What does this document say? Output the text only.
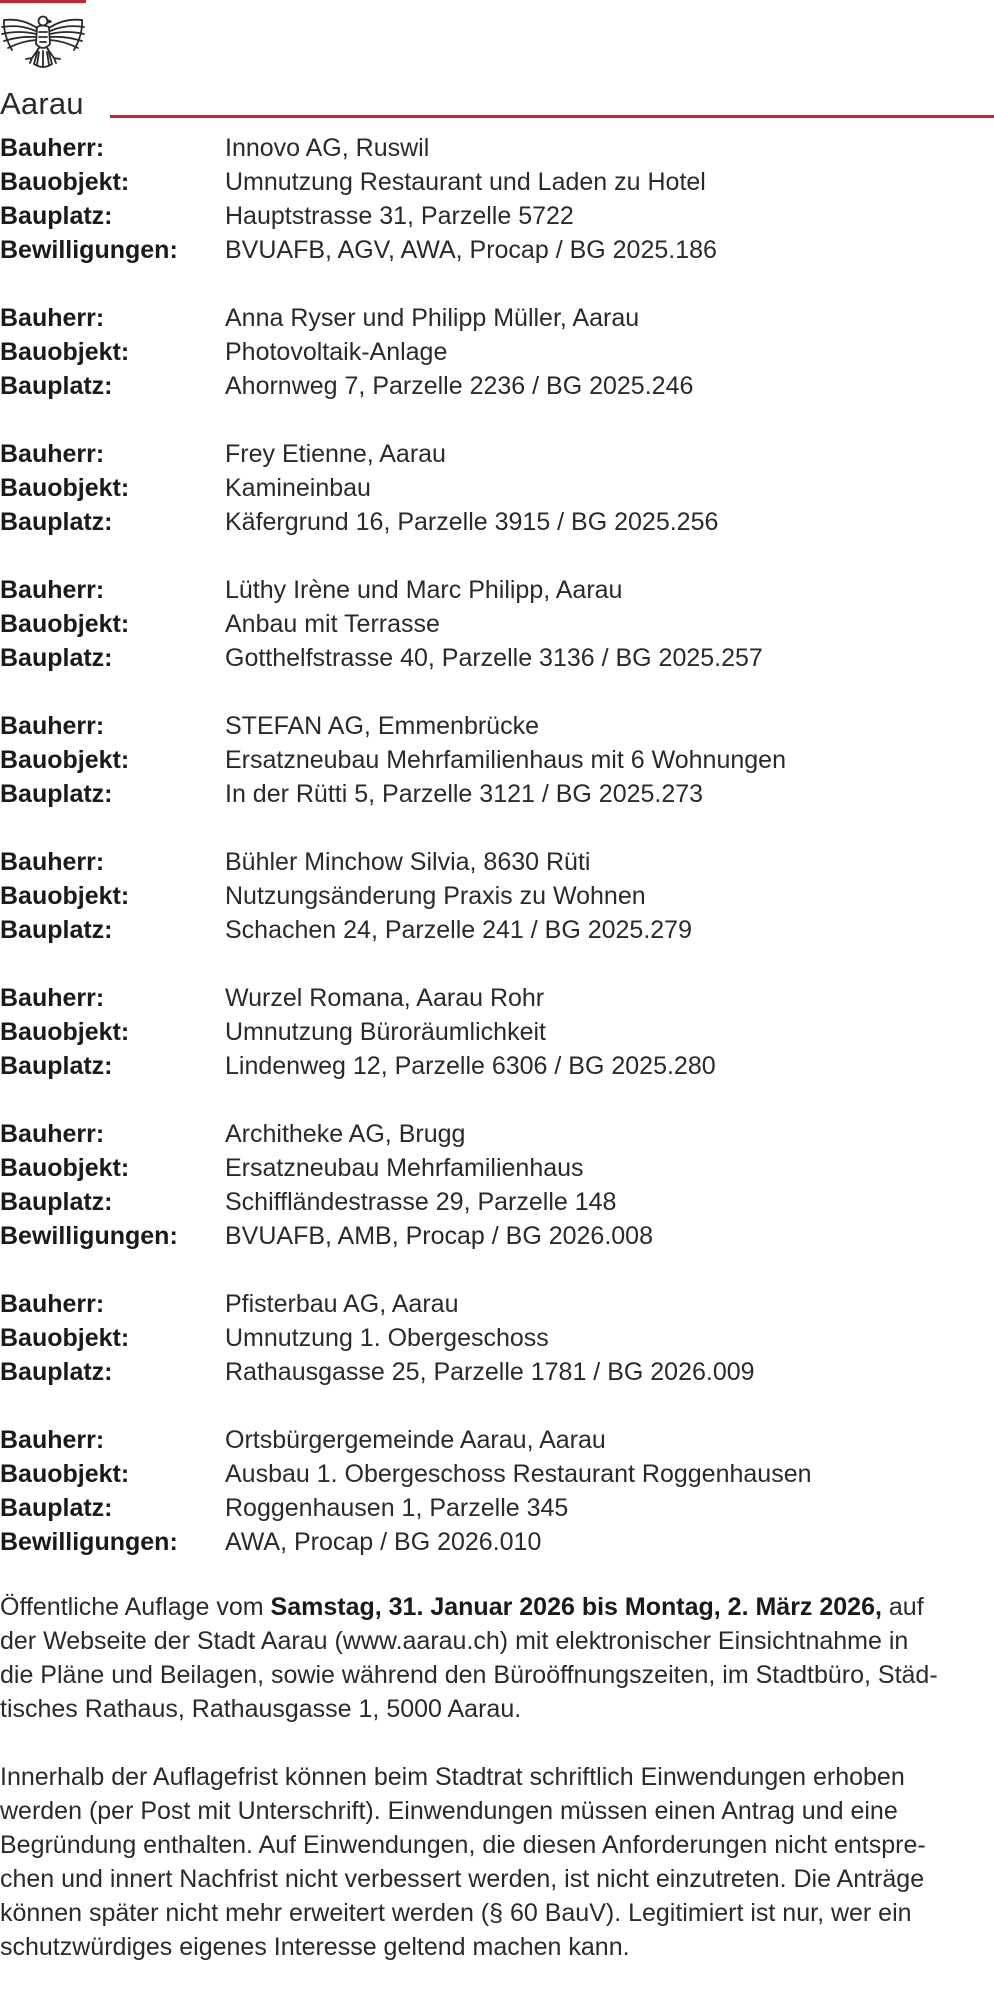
Aarau
Bauherr:	Innovo AG, Ruswil
Bauobjekt:	Umnutzung Restaurant und Laden zu Hotel
Bauplatz:	Hauptstrasse 31, Parzelle 5722
Bewilligungen:	BVUAFB, AGV, AWA, Procap / BG 2025.186
Bauherr:	Anna Ryser und Philipp Müller, Aarau
Bauobjekt:	Photovoltaik-Anlage
Bauplatz:	Ahornweg 7, Parzelle 2236 / BG 2025.246
Bauherr:	Frey Etienne, Aarau
Bauobjekt:	Kamineinbau
Bauplatz:	Käfergrund 16, Parzelle 3915 / BG 2025.256
Bauherr:	Lüthy Irène und Marc Philipp, Aarau
Bauobjekt:	Anbau mit Terrasse
Bauplatz:	Gotthelfstrasse 40, Parzelle 3136 / BG 2025.257
Bauherr:	STEFAN AG, Emmenbrücke
Bauobjekt:	Ersatzneubau Mehrfamilienhaus mit 6 Wohnungen
Bauplatz:	In der Rütti 5, Parzelle 3121 / BG 2025.273
Bauherr:	Bühler Minchow Silvia, 8630 Rüti
Bauobjekt:	Nutzungsänderung Praxis zu Wohnen
Bauplatz:	Schachen 24, Parzelle 241 / BG 2025.279
Bauherr:	Wurzel Romana, Aarau Rohr
Bauobjekt:	Umnutzung Büroräumlichkeit
Bauplatz:	Lindenweg 12, Parzelle 6306 / BG 2025.280
Bauherr:	Architheke AG, Brugg
Bauobjekt:	Ersatzneubau Mehrfamilienhaus
Bauplatz:	Schiffländestrasse 29, Parzelle 148
Bewilligungen:	BVUAFB, AMB, Procap / BG 2026.008
Bauherr:	Pfisterbau AG, Aarau
Bauobjekt:	Umnutzung 1. Obergeschoss
Bauplatz:	Rathausgasse 25, Parzelle 1781 / BG 2026.009
Bauherr:	Ortsbürgergemeinde Aarau, Aarau
Bauobjekt:	Ausbau 1. Obergeschoss Restaurant Roggenhausen
Bauplatz:	Roggenhausen 1, Parzelle 345
Bewilligungen:	AWA, Procap / BG 2026.010

Öffentliche Auflage vom Samstag, 31. Januar 2026 bis Montag, 2. März 2026, auf
der Webseite der Stadt Aarau (www.aarau.ch) mit elektronischer Einsichtnahme in
die Pläne und Beilagen, sowie während den Büroöffnungszeiten, im Stadtbüro, Städ-
tisches Rathaus, Rathausgasse 1, 5000 Aarau.

Innerhalb der Auflagefrist können beim Stadtrat schriftlich Einwendungen erhoben
werden (per Post mit Unterschrift). Einwendungen müssen einen Antrag und eine
Begründung enthalten. Auf Einwendungen, die diesen Anforderungen nicht entspre-
chen und innert Nachfrist nicht verbessert werden, ist nicht einzutreten. Die Anträge
können später nicht mehr erweitert werden (§ 60 BauV). Legitimiert ist nur, wer ein
schutzwürdiges eigenes Interesse geltend machen kann.
